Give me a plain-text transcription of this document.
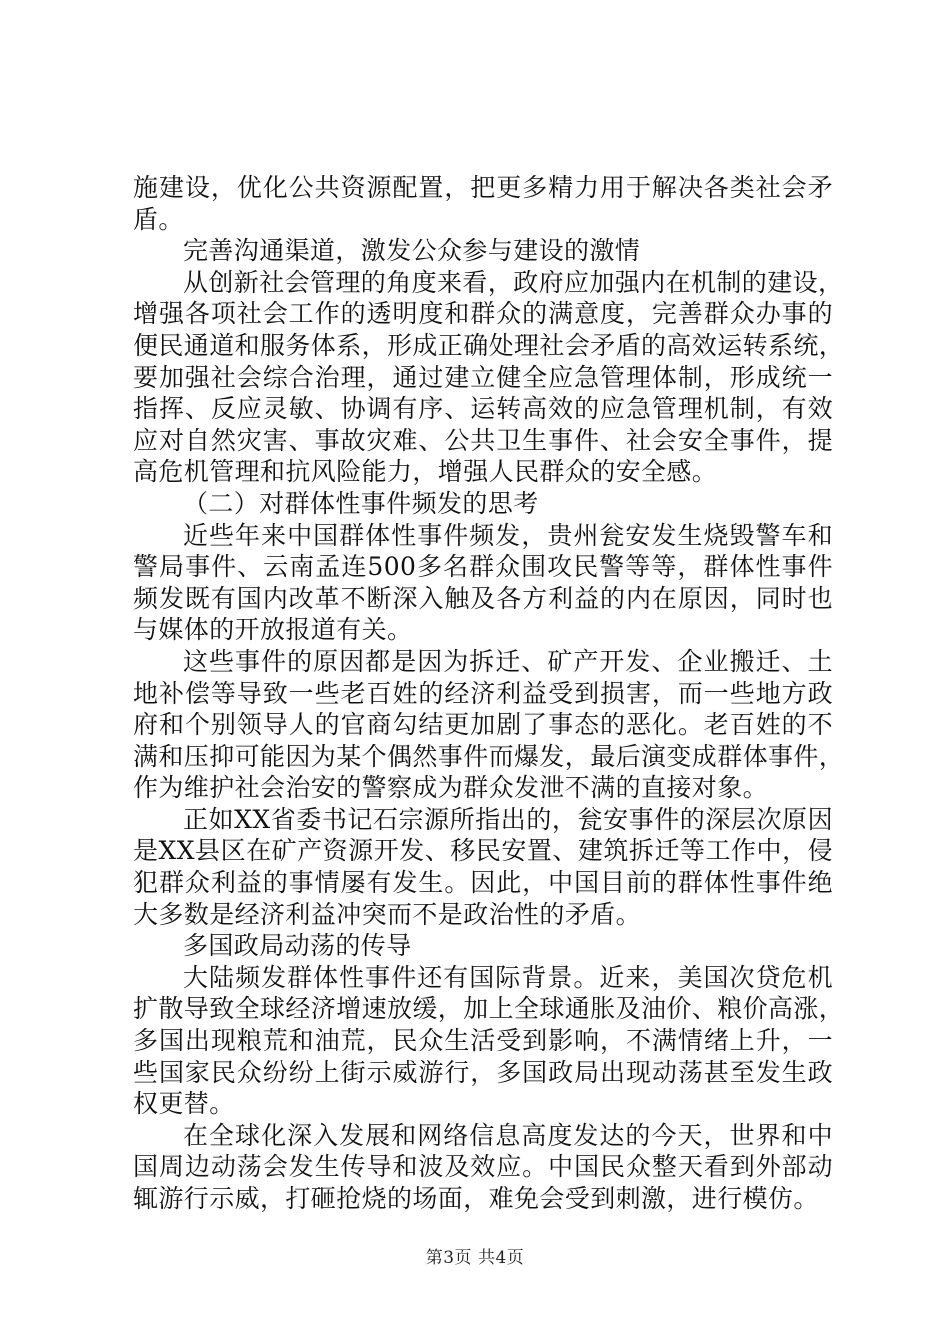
施建设，优化公共资源配置，把更多精力用于解决各类社会矛
盾。
完善沟通渠道，激发公众参与建设的激情
从创新社会管理的角度来看，政府应加强内在机制的建设，
增强各项社会工作的透明度和群众的满意度，完善群众办事的
便民通道和服务体系，形成正确处理社会矛盾的高效运转系统，
要加强社会综合治理，通过建立健全应急管理体制，形成统一
指挥、反应灵敏、协调有序、运转高效的应急管理机制，有效
应对自然灾害、事故灾难、公共卫生事件、社会安全事件，提
高危机管理和抗风险能力，增强人民群众的安全感。
（二）对群体性事件频发的思考
近些年来中国群体性事件频发，贵州瓮安发生烧毁警车和
警局事件、云南孟连500多名群众围攻民警等等，群体性事件
频发既有国内改革不断深入触及各方利益的内在原因，同时也
与媒体的开放报道有关。
这些事件的原因都是因为拆迁、矿产开发、企业搬迁、土
地补偿等导致一些老百姓的经济利益受到损害，而一些地方政
府和个别领导人的官商勾结更加剧了事态的恶化。老百姓的不
满和压抑可能因为某个偶然事件而爆发，最后演变成群体事件，
作为维护社会治安的警察成为群众发泄不满的直接对象。
正如XX省委书记石宗源所指出的，瓮安事件的深层次原因
是XX县区在矿产资源开发、移民安置、建筑拆迁等工作中，侵
犯群众利益的事情屡有发生。因此，中国目前的群体性事件绝
大多数是经济利益冲突而不是政治性的矛盾。
多国政局动荡的传导
大陆频发群体性事件还有国际背景。近来，美国次贷危机
扩散导致全球经济增速放缓，加上全球通胀及油价、粮价高涨，
多国出现粮荒和油荒，民众生活受到影响，不满情绪上升，一
些国家民众纷纷上街示威游行，多国政局出现动荡甚至发生政
权更替。
在全球化深入发展和网络信息高度发达的今天，世界和中
国周边动荡会发生传导和波及效应。中国民众整天看到外部动
辄游行示威，打砸抢烧的场面，难免会受到刺激，进行模仿。
第3页 共4页
